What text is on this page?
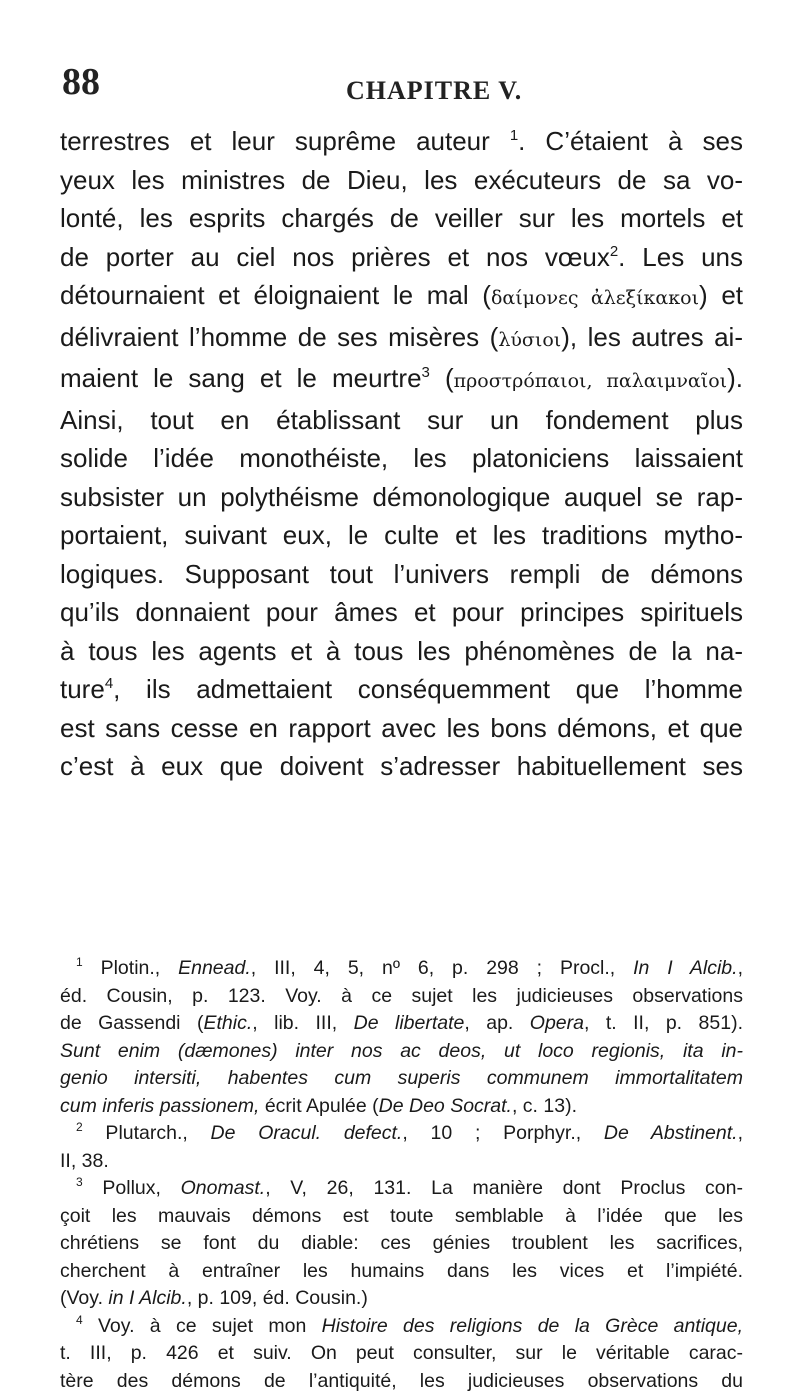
88	CHAPITRE V.
terrestres et leur suprême auteur $^1$. C’étaient à ses
yeux les ministres de Dieu, les exécuteurs de sa vo-
lonté, les esprits chargés de veiller sur les mortels et
de porter au ciel nos prières et nos vœux$^2$. Les uns
détournaient et éloignaient le mal (δαίμονες ἀλεξίκακοι) et
délivraient l’homme de ses misères (λύσιοι), les autres ai-
maient le sang et le meurtre$^3$ (προστρόπαιοι, παλαιμναῖοι).
Ainsi, tout en établissant sur un fondement plus
solide l’idée monothéiste, les platoniciens laissaient
subsister un polythéisme démonologique auquel se rap-
portaient, suivant eux, le culte et les traditions mytho-
logiques. Supposant tout l’univers rempli de démons
qu’ils donnaient pour âmes et pour principes spirituels
à tous les agents et à tous les phénomènes de la na-
ture$^4$, ils admettaient conséquemment que l’homme
est sans cesse en rapport avec les bons démons, et que
c’est à eux que doivent s’adresser habituellement ses
$^1$ Plotin., Ennead., III, 4, 5, nº 6, p. 298 ; Procl., In I Alcib.,
éd. Cousin, p. 123. Voy. à ce sujet les judicieuses observations
de Gassendi (Ethic., lib. III, De libertate, ap. Opera, t. II, p. 851).
Sunt enim (dæmones) inter nos ac deos, ut loco regionis, ita in-
genio intersiti, habentes cum superis communem immortalitatem
cum inferis passionem, écrit Apulée (De Deo Socrat., c. 13).
$^2$ Plutarch., De Oracul. defect., 10 ; Porphyr., De Abstinent.,
II, 38.
$^3$ Pollux, Onomast., V, 26, 131. La manière dont Proclus con-
çoit les mauvais démons est toute semblable à l’idée que les
chrétiens se font du diable: ces génies troublent les sacrifices,
cherchent à entraîner les humains dans les vices et l’impiété.
(Voy. in I Alcib., p. 109, éd. Cousin.)
$^4$ Voy. à ce sujet mon Histoire des religions de la Grèce antique,
t. III, p. 426 et suiv. On peut consulter, sur le véritable carac-
tère des démons de l’antiquité, les judicieuses observations du
